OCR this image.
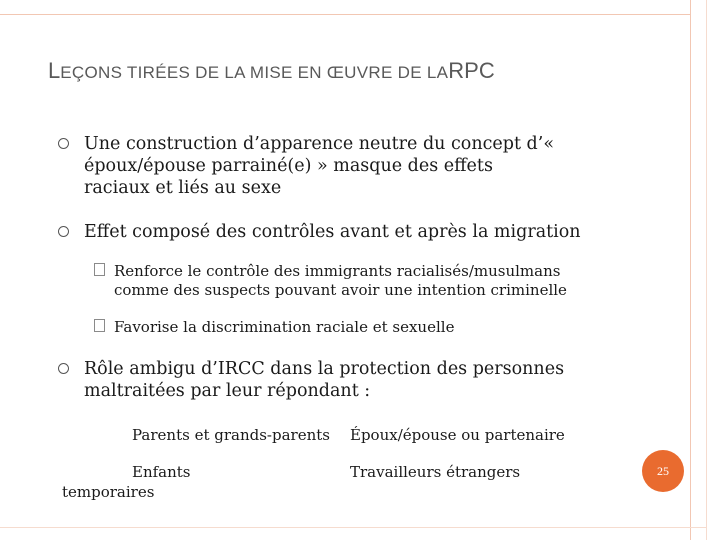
LEÇONS TIRÉES DE LA MISE EN ŒUVRE DE LARPC
Une construction d’apparence neutre du concept d’« époux/épouse parrainé(e) » masque des effets raciaux et liés au sexe
Effet composé des contrôles avant et après la migration
Renforce le contrôle des immigrants racialisés/musulmans comme des suspects pouvant avoir une intention criminelle
Favorise la discrimination raciale et sexuelle
Rôle ambigu d’IRCC dans la protection des personnes maltraitées par leur répondant :
Parents et grands-parents Époux/épouse ou partenaire
Enfants
temporaires
Travailleurs étrangers	25
